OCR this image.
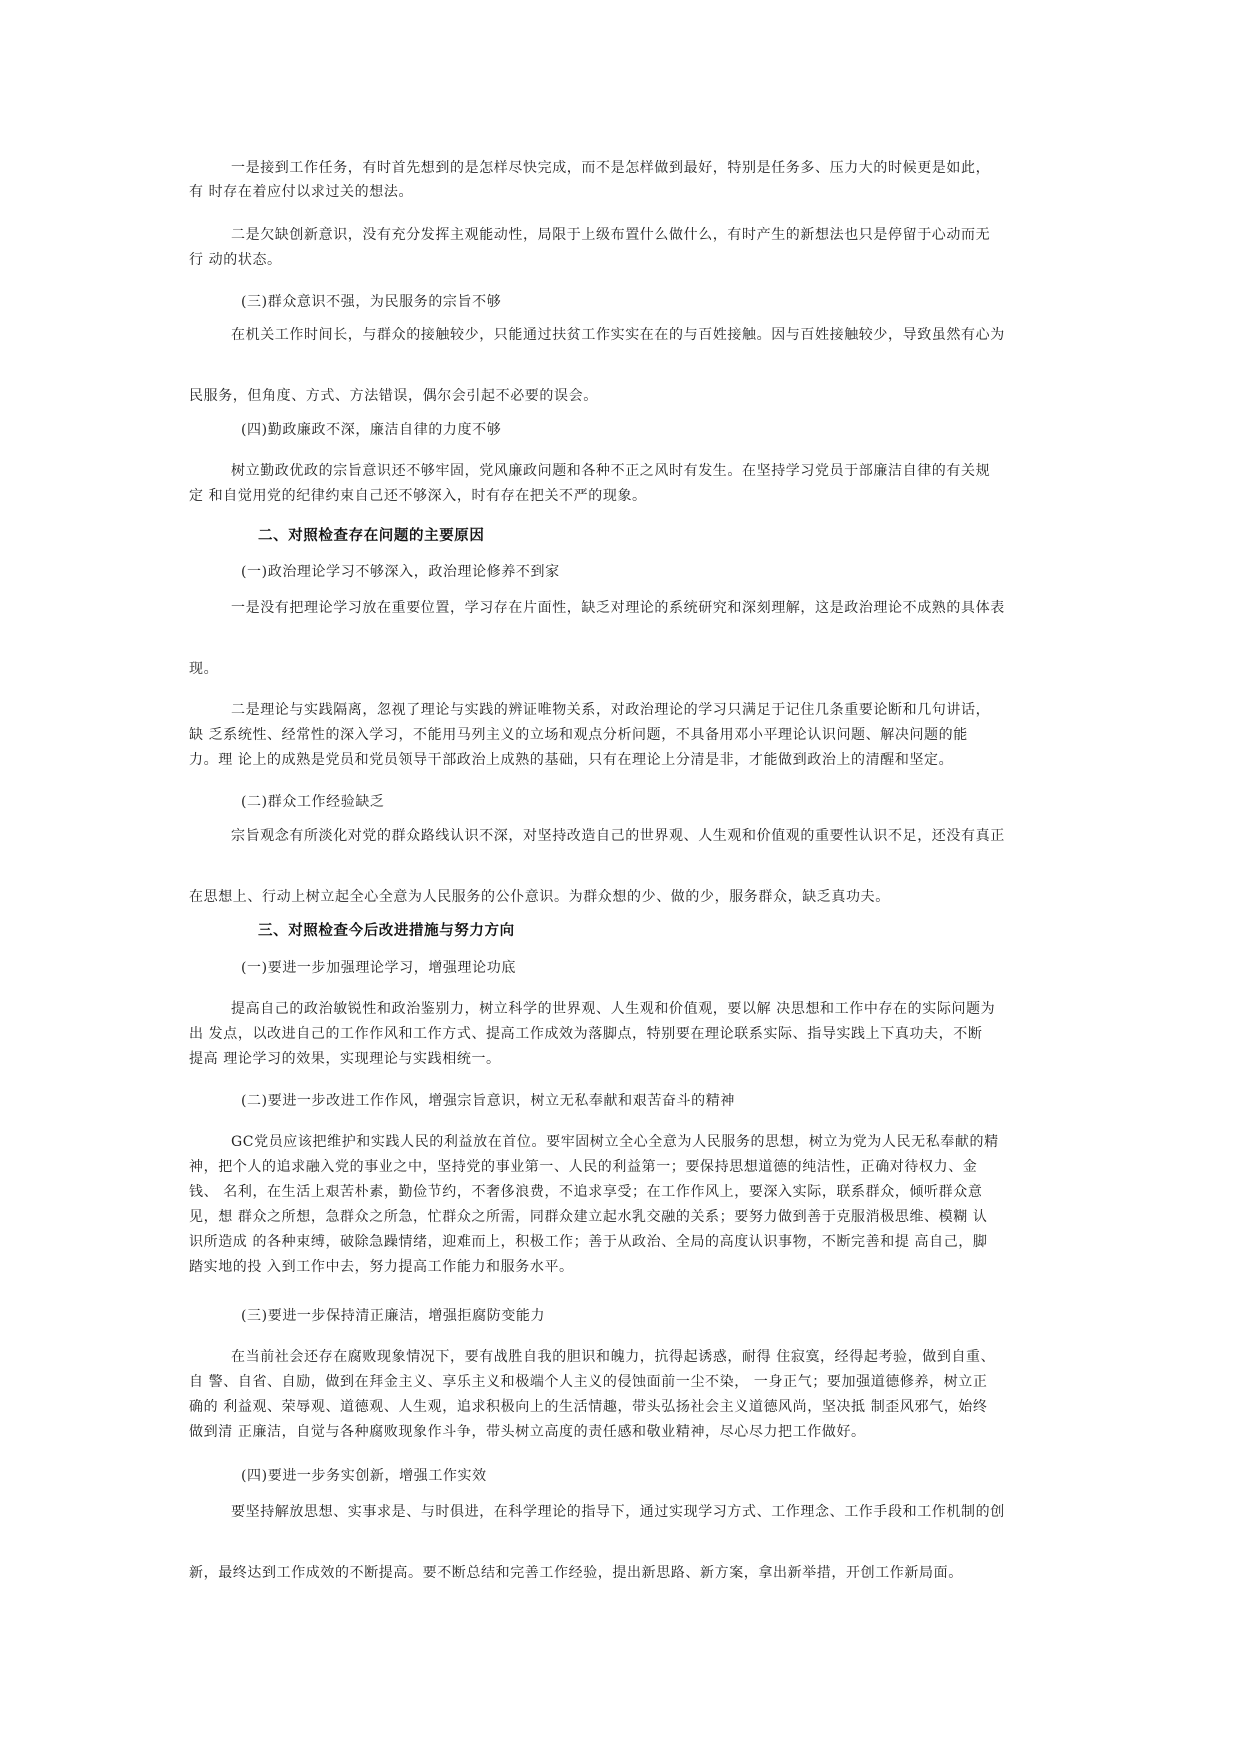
一是接到工作任务，有时首先想到的是怎样尽快完成，而不是怎样做到最好，特别是任务多、压力大的时候更是如此，
有 时存在着应付以求过关的想法。
二是欠缺创新意识，没有充分发挥主观能动性，局限于上级布置什么做什么，有时产生的新想法也只是停留于心动而无
行 动的状态。
(三)群众意识不强，为民服务的宗旨不够
在机关工作时间长，与群众的接触较少，只能通过扶贫工作实实在在的与百姓接触。因与百姓接触较少，导致虽然有心为
民服务，但角度、方式、方法错误，偶尔会引起不必要的误会。
(四)勤政廉政不深，廉洁自律的力度不够
树立勤政优政的宗旨意识还不够牢固，党风廉政问题和各种不正之风时有发生。在坚持学习党员于部廉洁自律的有关规
定 和自觉用党的纪律约束自己还不够深入，时有存在把关不严的现象。
二、对照检查存在问题的主要原因
(一)政治理论学习不够深入，政治理论修养不到家
一是没有把理论学习放在重要位置，学习存在片面性，缺乏对理论的系统研究和深刻理解，这是政治理论不成熟的具体表
现。
二是理论与实践隔离，忽视了理论与实践的辨证唯物关系，对政治理论的学习只满足于记住几条重要论断和几句讲话，
缺 乏系统性、经常性的深入学习，不能用马列主义的立场和观点分析问题，不具备用邓小平理论认识问题、解决问题的能
力。理 论上的成熟是党员和党员领导干部政治上成熟的基础，只有在理论上分清是非，才能做到政治上的清醒和坚定。
(二)群众工作经验缺乏
宗旨观念有所淡化对党的群众路线认识不深，对坚持改造自己的世界观、人生观和价值观的重要性认识不足，还没有真正
在思想上、行动上树立起全心全意为人民服务的公仆意识。为群众想的少、做的少，服务群众，缺乏真功夫。
三、对照检查今后改进措施与努力方向
(一)要进一步加强理论学习，增强理论功底
提高自己的政治敏锐性和政治鉴别力，树立科学的世界观、人生观和价值观，要以解 决思想和工作中存在的实际问题为
出 发点，以改进自己的工作作风和工作方式、提高工作成效为落脚点，特别要在理论联系实际、指导实践上下真功夫，不断
提高 理论学习的效果，实现理论与实践相统一。
(二)要进一步改进工作作风，增强宗旨意识，树立无私奉献和艰苦奋斗的精神
GC党员应该把维护和实践人民的利益放在首位。要牢固树立全心全意为人民服务的思想，树立为党为人民无私奉献的精
神，把个人的追求融入党的事业之中，坚持党的事业第一、人民的利益第一；要保持思想道德的纯洁性，正确对待权力、金
钱、 名利，在生活上艰苦朴素，勤俭节约，不奢侈浪费，不追求享受；在工作作风上，要深入实际，联系群众，倾听群众意
见，想 群众之所想，急群众之所急，忙群众之所需，同群众建立起水乳交融的关系；要努力做到善于克服消极思维、模糊 认
识所造成 的各种束缚，破除急躁情绪，迎难而上，积极工作；善于从政治、全局的高度认识事物，不断完善和提 高自己，脚
踏实地的投 入到工作中去，努力提高工作能力和服务水平。
(三)要进一步保持清正廉洁，增强拒腐防变能力
在当前社会还存在腐败现象情况下，要有战胜自我的胆识和魄力，抗得起诱惑，耐得 住寂寞，经得起考验，做到自重、
自 警、自省、自励，做到在拜金主义、享乐主义和极端个人主义的侵蚀面前一尘不染， 一身正气；要加强道德修养，树立正
确的 利益观、荣辱观、道德观、人生观，追求积极向上的生活情趣，带头弘扬社会主义道德风尚，坚决抵 制歪风邪气，始终
做到清 正廉洁，自觉与各种腐败现象作斗争，带头树立高度的责任感和敬业精神，尽心尽力把工作做好。
(四)要进一步务实创新，增强工作实效
要坚持解放思想、实事求是、与时俱进，在科学理论的指导下，通过实现学习方式、工作理念、工作手段和工作机制的创
新，最终达到工作成效的不断提高。要不断总结和完善工作经验，提出新思路、新方案，拿出新举措，开创工作新局面。
